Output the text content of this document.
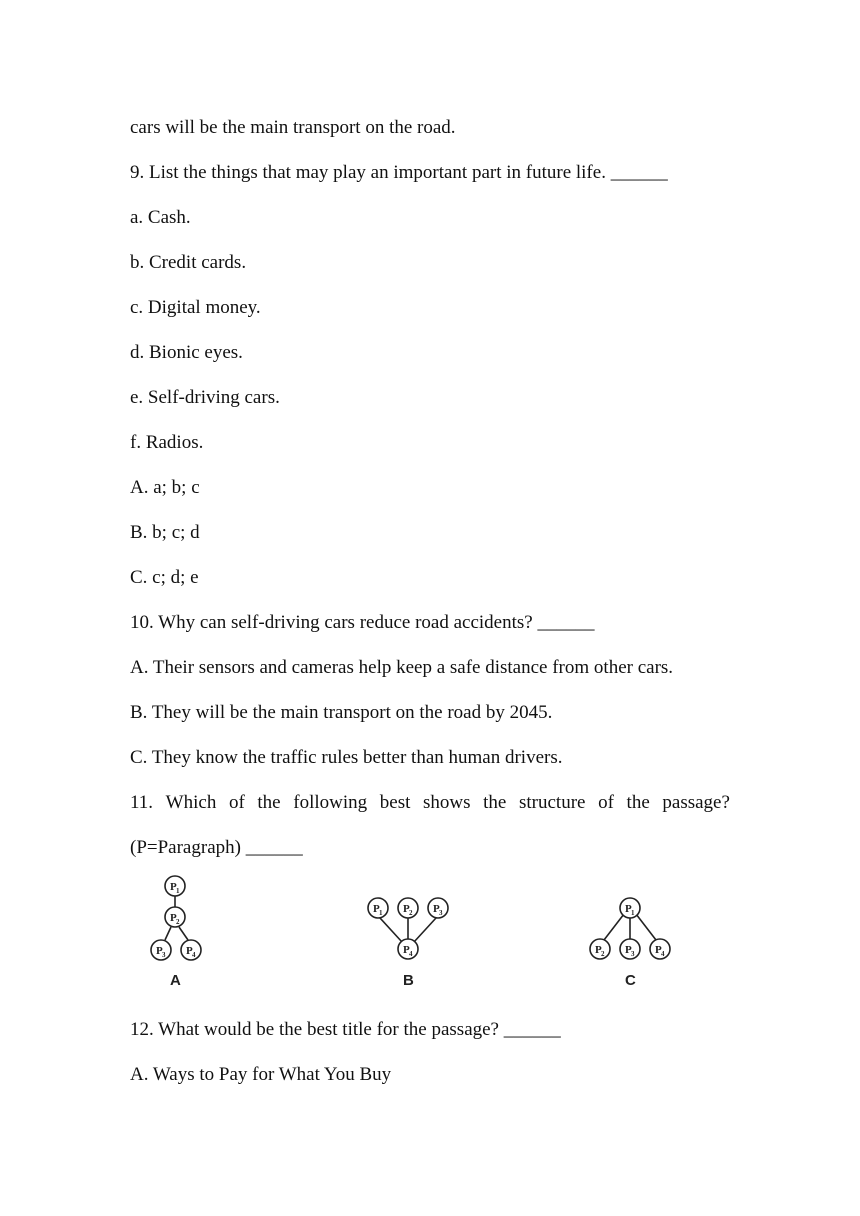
cars will be the main transport on the road.
9. List the things that may play an important part in future life. ______
a. Cash.
b. Credit cards.
c. Digital money.
d. Bionic eyes.
e. Self-driving cars.
f. Radios.
A. a; b; c
B. b; c; d
C. c; d; e
10. Why can self-driving cars reduce road accidents? ______
A. Their sensors and cameras help keep a safe distance from other cars.
B. They will be the main transport on the road by 2045.
C. They know the traffic rules better than human drivers.
11. Which of the following best shows the structure of the passage?
(P=Paragraph) ______
P 1
P 2
P 3 P 4
A
P 1 P 2 P 3
P 4
B
P 1
P 2 P 3 P 4
C
12. What would be the best title for the passage? ______
A. Ways to Pay for What You Buy
